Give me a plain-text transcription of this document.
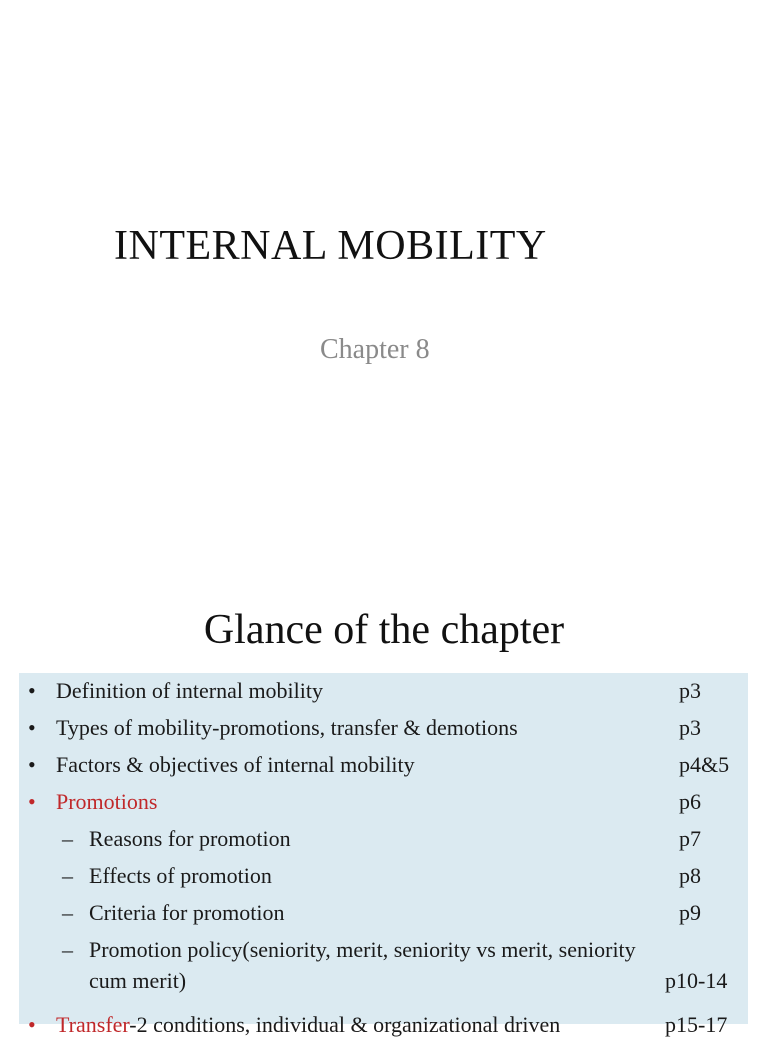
INTERNAL MOBILITY
Chapter 8
Glance of the chapter
• Definition of internal mobility	p3
• Types of mobility-promotions, transfer & demotions	p3
• Factors & objectives of internal mobility	p4&5
• Promotions	p6
– Reasons for promotion	p7
– Effects of promotion	p8
– Criteria for promotion	p9
– Promotion policy(seniority, merit, seniority vs merit, seniority
cum merit)	p10-14
• Transfer-2 conditions, individual & organizational driven	p15-17
